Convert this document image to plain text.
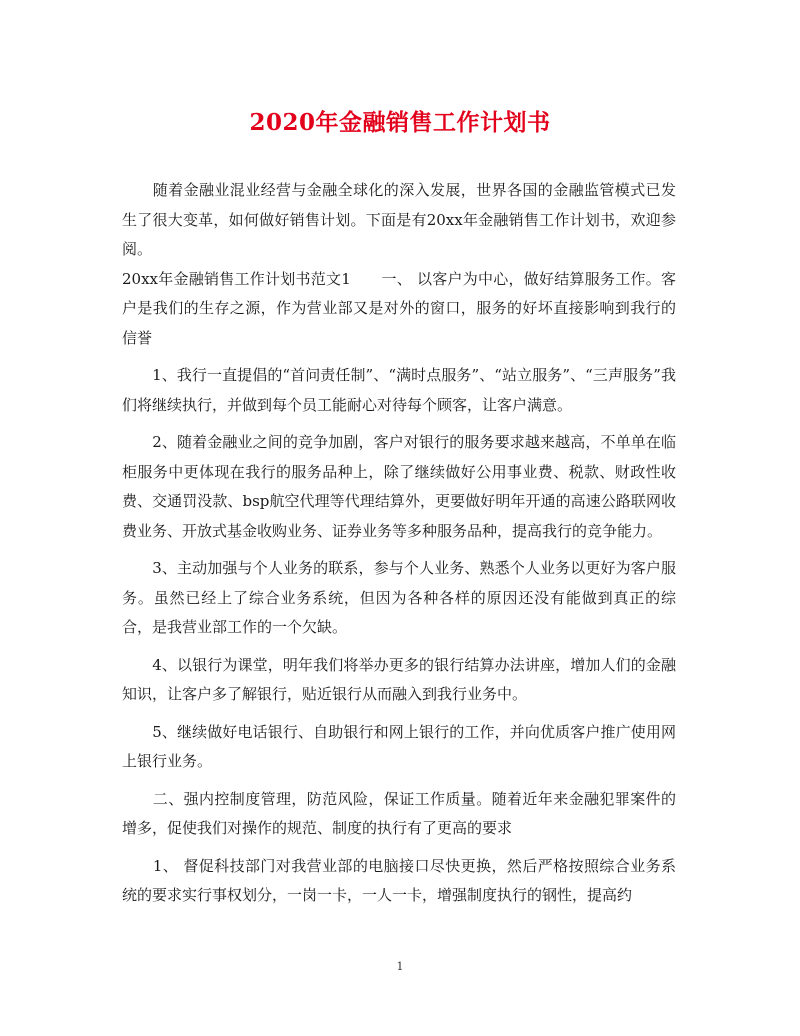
2020年金融销售工作计划书

　　随着金融业混业经营与金融全球化的深入发展，世界各国的金融监管模式已发生了很大变革，如何做好销售计划。下面是有20xx年金融销售工作计划书，欢迎参阅。

20xx年金融销售工作计划书范文1　　一、 以客户为中心，做好结算服务工作。客户是我们的生存之源，作为营业部又是对外的窗口，服务的好坏直接影响到我行的信誉

　　1、我行一直提倡的“首问责任制”、“满时点服务”、“站立服务”、“三声服务”我们将继续执行，并做到每个员工能耐心对待每个顾客，让客户满意。

　　2、随着金融业之间的竞争加剧，客户对银行的服务要求越来越高，不单单在临柜服务中更体现在我行的服务品种上，除了继续做好公用事业费、税款、财政性收费、交通罚没款、bsp航空代理等代理结算外，更要做好明年开通的高速公路联网收费业务、开放式基金收购业务、证券业务等多种服务品种，提高我行的竞争能力。

　　3、主动加强与个人业务的联系，参与个人业务、熟悉个人业务以更好为客户服务。虽然已经上了综合业务系统，但因为各种各样的原因还没有能做到真正的综合，是我营业部工作的一个欠缺。

　　4、以银行为课堂，明年我们将举办更多的银行结算办法讲座，增加人们的金融知识，让客户多了解银行，贴近银行从而融入到我行业务中。

　　5、继续做好电话银行、自助银行和网上银行的工作，并向优质客户推广使用网上银行业务。

　　二、强内控制度管理，防范风险，保证工作质量。随着近年来金融犯罪案件的增多，促使我们对操作的规范、制度的执行有了更高的要求

　　1、 督促科技部门对我营业部的电脑接口尽快更换，然后严格按照综合业务系统的要求实行事权划分，一岗一卡，一人一卡，增强制度执行的钢性，提高约

1
